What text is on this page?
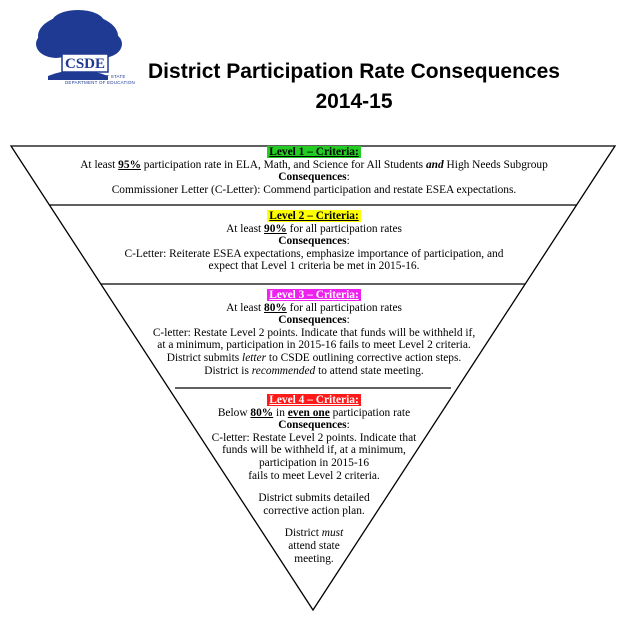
CSDE
CONNECTICUT STATE
DEPARTMENT OF EDUCATION District Participation Rate Consequences
2014-15

Level 1 – Criteria:

At least 95% participation rate in ELA, Math, and Science for All Students and High Needs Subgroup

Consequences:

Commissioner Letter (C-Letter): Commend participation and restate ESEA expectations.

Level 2 – Criteria:

At least 90% for all participation rates

Consequences:

C-Letter: Reiterate ESEA expectations, emphasize importance of participation, and

expect that Level 1 criteria be met in 2015-16.

Level 3 – Criteria:

At least 80% for all participation rates

Consequences:

C-letter: Restate Level 2 points. Indicate that funds will be withheld if,

at a minimum, participation in 2015-16 fails to meet Level 2 criteria.

District submits letter to CSDE outlining corrective action steps.

District is recommended to attend state meeting.

Level 4 – Criteria:

Below 80% in even one participation rate

Consequences:

C-letter: Restate Level 2 points. Indicate that

funds will be withheld if, at a minimum,

participation in 2015-16

fails to meet Level 2 criteria.

District submits detailed

corrective action plan.

District must

attend state

meeting.
